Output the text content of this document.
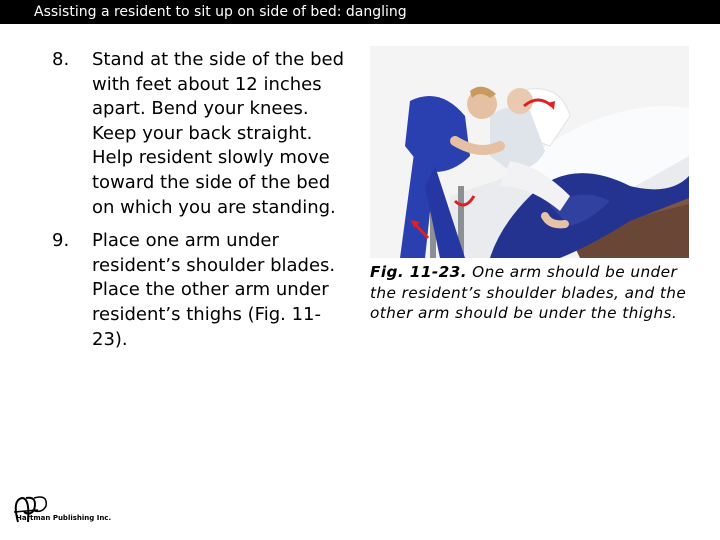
Assisting a resident to sit up on side of bed: dangling
8. Stand at the side of the bed with feet about 12 inches apart. Bend your knees. Keep your back straight. Help resident slowly move toward the side of the bed on which you are standing.
9. Place one arm under resident’s shoulder blades. Place the other arm under resident’s thighs (Fig. 11-23).
Fig. 11-23. One arm should be under the resident’s shoulder blades, and the other arm should be under the thighs.
Hartman Publishing Inc.
